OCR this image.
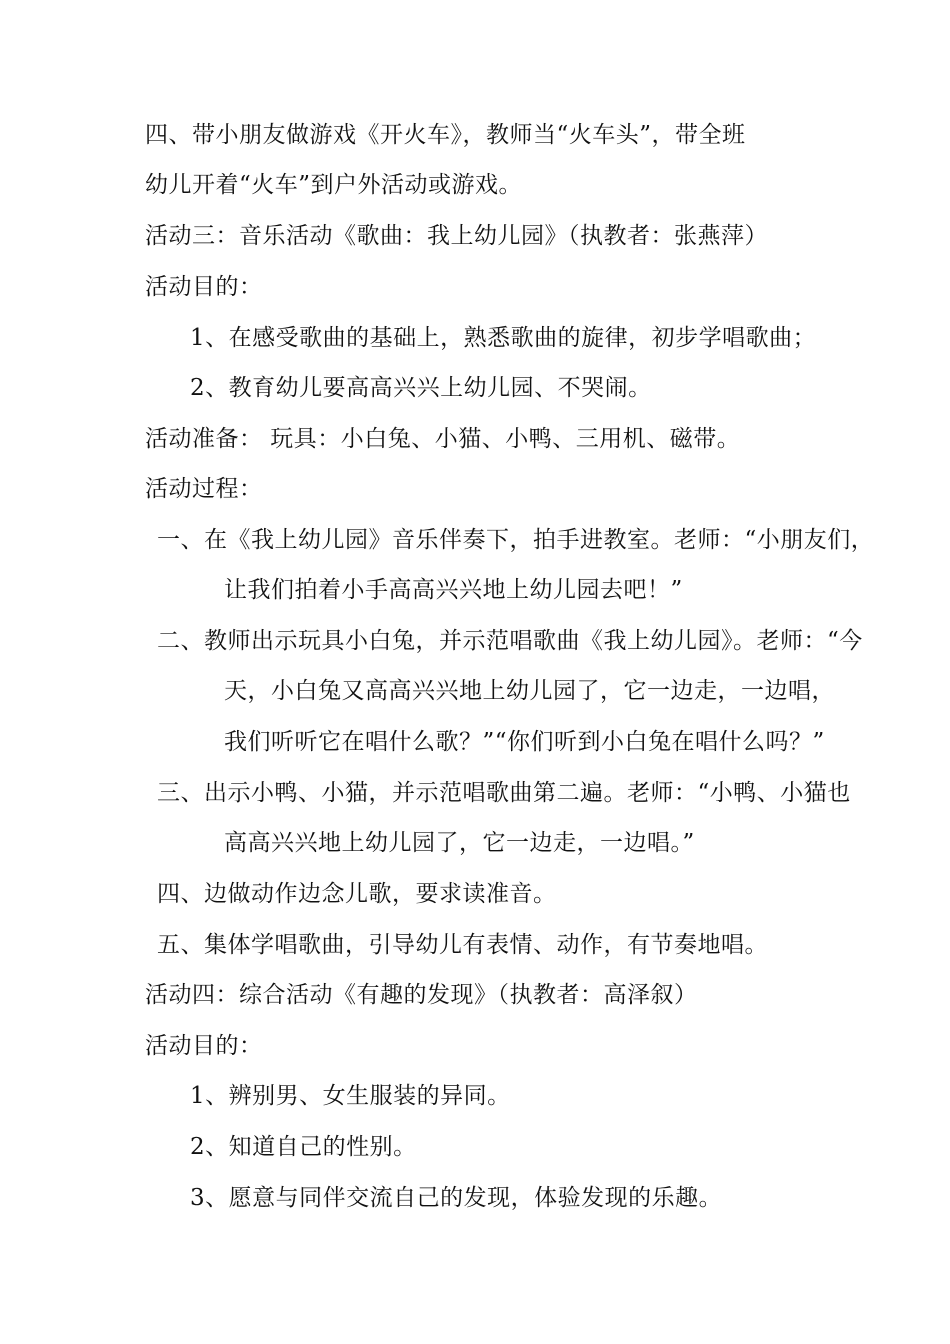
四、带小朋友做游戏《开火车》，教师当“火车头”，带全班
幼儿开着“火车”到户外活动或游戏。
活动三：音乐活动《歌曲：我上幼儿园》（执教者：张燕萍）
活动目的：
1、在感受歌曲的基础上，熟悉歌曲的旋律，初步学唱歌曲；
2、教育幼儿要高高兴兴上幼儿园、不哭闹。
活动准备： 玩具：小白兔、小猫、小鸭、三用机、磁带。
活动过程：
一、在《我上幼儿园》音乐伴奏下，拍手进教室。老师：“小朋友们，
让我们拍着小手高高兴兴地上幼儿园去吧！”
二、教师出示玩具小白兔，并示范唱歌曲《我上幼儿园》。老师：“今
天，小白兔又高高兴兴地上幼儿园了，它一边走，一边唱，
我们听听它在唱什么歌？”“你们听到小白兔在唱什么吗？”
三、出示小鸭、小猫，并示范唱歌曲第二遍。老师：“小鸭、小猫也
高高兴兴地上幼儿园了，它一边走，一边唱。”
四、边做动作边念儿歌，要求读准音。
五、集体学唱歌曲，引导幼儿有表情、动作，有节奏地唱。
活动四：综合活动《有趣的发现》（执教者：高泽叙）
活动目的：
1、辨别男、女生服装的异同。
2、知道自己的性别。
3、愿意与同伴交流自己的发现，体验发现的乐趣。
